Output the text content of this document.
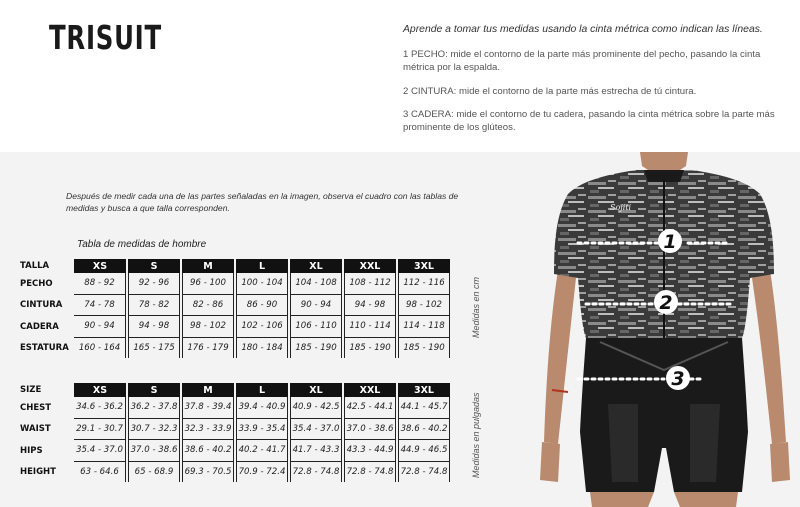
TRISUIT	Aprende a tomar tus medidas usando la cinta métrica como indican las líneas.
1 PECHO: mide el contorno de la parte más prominente del pecho, pasando la cinta métrica por la espalda.
2 CINTURA: mide el contorno de la parte más estrecha de tú cintura.
3 CADERA: mide el contorno de tu cadera, pasando la cinta métrica sobre la parte más prominente de los glúteos.
Después de medir cada una de las partes señaladas en la imagen, observa el cuadro con las tablas de medidas y busca a que talla corresponden.
Tabla de medidas de hombre
TALLA	XS	S	M	L	XL	XXL	3XL
PECHO	88 - 92	92 - 96	96 - 100	100 - 104	104 - 108	108 - 112	112 - 116

CINTURA	74 - 78	78 - 82	82 - 86	86 - 90	90 - 94	94 - 98	98 - 102

CADERA	90 - 94	94 - 98	98 - 102	102 - 106	106 - 110	110 - 114	114 - 118

ESTATURA	160 - 164	165 - 175	176 - 179	180 - 184	185 - 190	185 - 190	185 - 190
Medidas en cm
SIZE	XS	S	M	L	XL	XXL	3XL
CHEST	34.6 - 36.2	36.2 - 37.8	37.8 - 39.4	39.4 - 40.9	40.9 - 42.5	42.5 - 44.1	44.1 - 45.7

WAIST	29.1 - 30.7	30.7 - 32.3	32.3 - 33.9	33.9 - 35.4	35.4 - 37.0	37.0 - 38.6	38.6 - 40.2

HIPS	35.4 - 37.0	37.0 - 38.6	38.6 - 40.2	40.2 - 41.7	41.7 - 43.3	43.3 - 44.9	44.9 - 46.5

HEIGHT	63 - 64.6	65 - 68.9	69.3 - 70.5	70.9 - 72.4	72.8 - 74.8	72.8 - 74.8	72.8 - 74.8	Medidas en pulgadas
Sojiti
1
2
3
